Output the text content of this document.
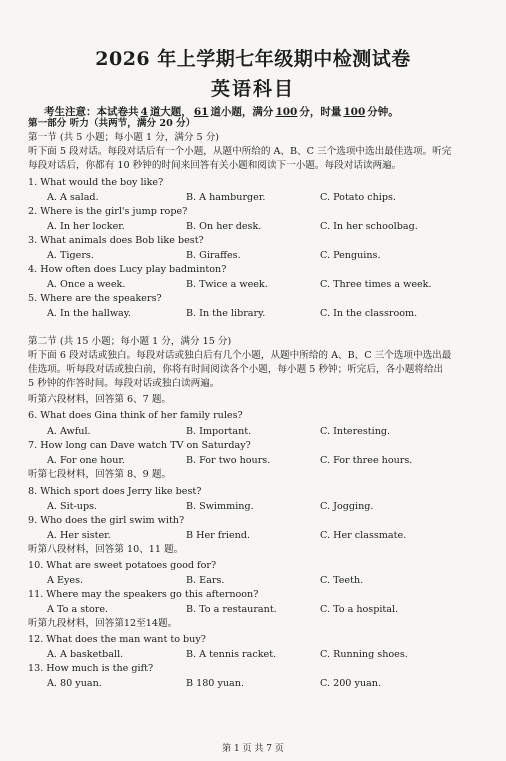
2026 年上学期七年级期中检测试卷
英语科目
考生注意：本试卷共 4 道大题， 61 道小题，满分 100 分，时量 100 分钟。
第一部分 听力（共两节，满分 20 分）
第一节 (共 5 小题；每小题 1 分，满分 5 分)
听下面 5 段对话。每段对话后有一个小题，从题中所给的 A、B、C 三个选项中选出最佳选项。听完
每段对话后，你都有 10 秒钟的时间来回答有关小题和阅读下一小题。每段对话读两遍。
1. What would the boy like?
A. A salad.	B. A hamburger.	C. Potato chips.
2. Where is the girl's jump rope?
A. In her locker.	B. On her desk.	C. In her schoolbag.
3. What animals does Bob like best?
A. Tigers.	B. Giraffes.	C. Penguins.
4. How often does Lucy play badminton?
A. Once a week.	B. Twice a week.	C. Three times a week.
5. Where are the speakers?
A. In the hallway.	B. In the library.	C. In the classroom.
第二节 (共 15 小题；每小题 1 分，满分 15 分)
听下面 6 段对话或独白。每段对话或独白后有几个小题，从题中所给的 A、B、C 三个选项中选出最
佳选项。听每段对话或独白前，你将有时间阅读各个小题，每小题 5 秒钟；听完后，各小题将给出
5 秒钟的作答时间。每段对话或独白读两遍。
听第六段材料，回答第 6、7 题。
6. What does Gina think of her family rules?
A. Awful.	B. Important.	C. Interesting.
7. How long can Dave watch TV on Saturday?
A. For one hour.	B. For two hours.	C. For three hours.
听第七段材料，回答第 8、9 题。
8. Which sport does Jerry like best?
A. Sit-ups.	B. Swimming.	C. Jogging.
9. Who does the girl swim with?
A. Her sister.	B Her friend.	C. Her classmate.
听第八段材料，回答第 10、11 题。
10. What are sweet potatoes good for?
A Eyes.	B. Ears.	C. Teeth.
11. Where may the speakers go this afternoon?
A To a store.	B. To a restaurant.	C. To a hospital.
听第九段材料，回答第12至14题。
12. What does the man want to buy?
A. A basketball.	B. A tennis racket.	C. Running shoes.
13. How much is the gift?
A. 80 yuan.	B 180 yuan.	C. 200 yuan.
第 1 页 共 7 页
